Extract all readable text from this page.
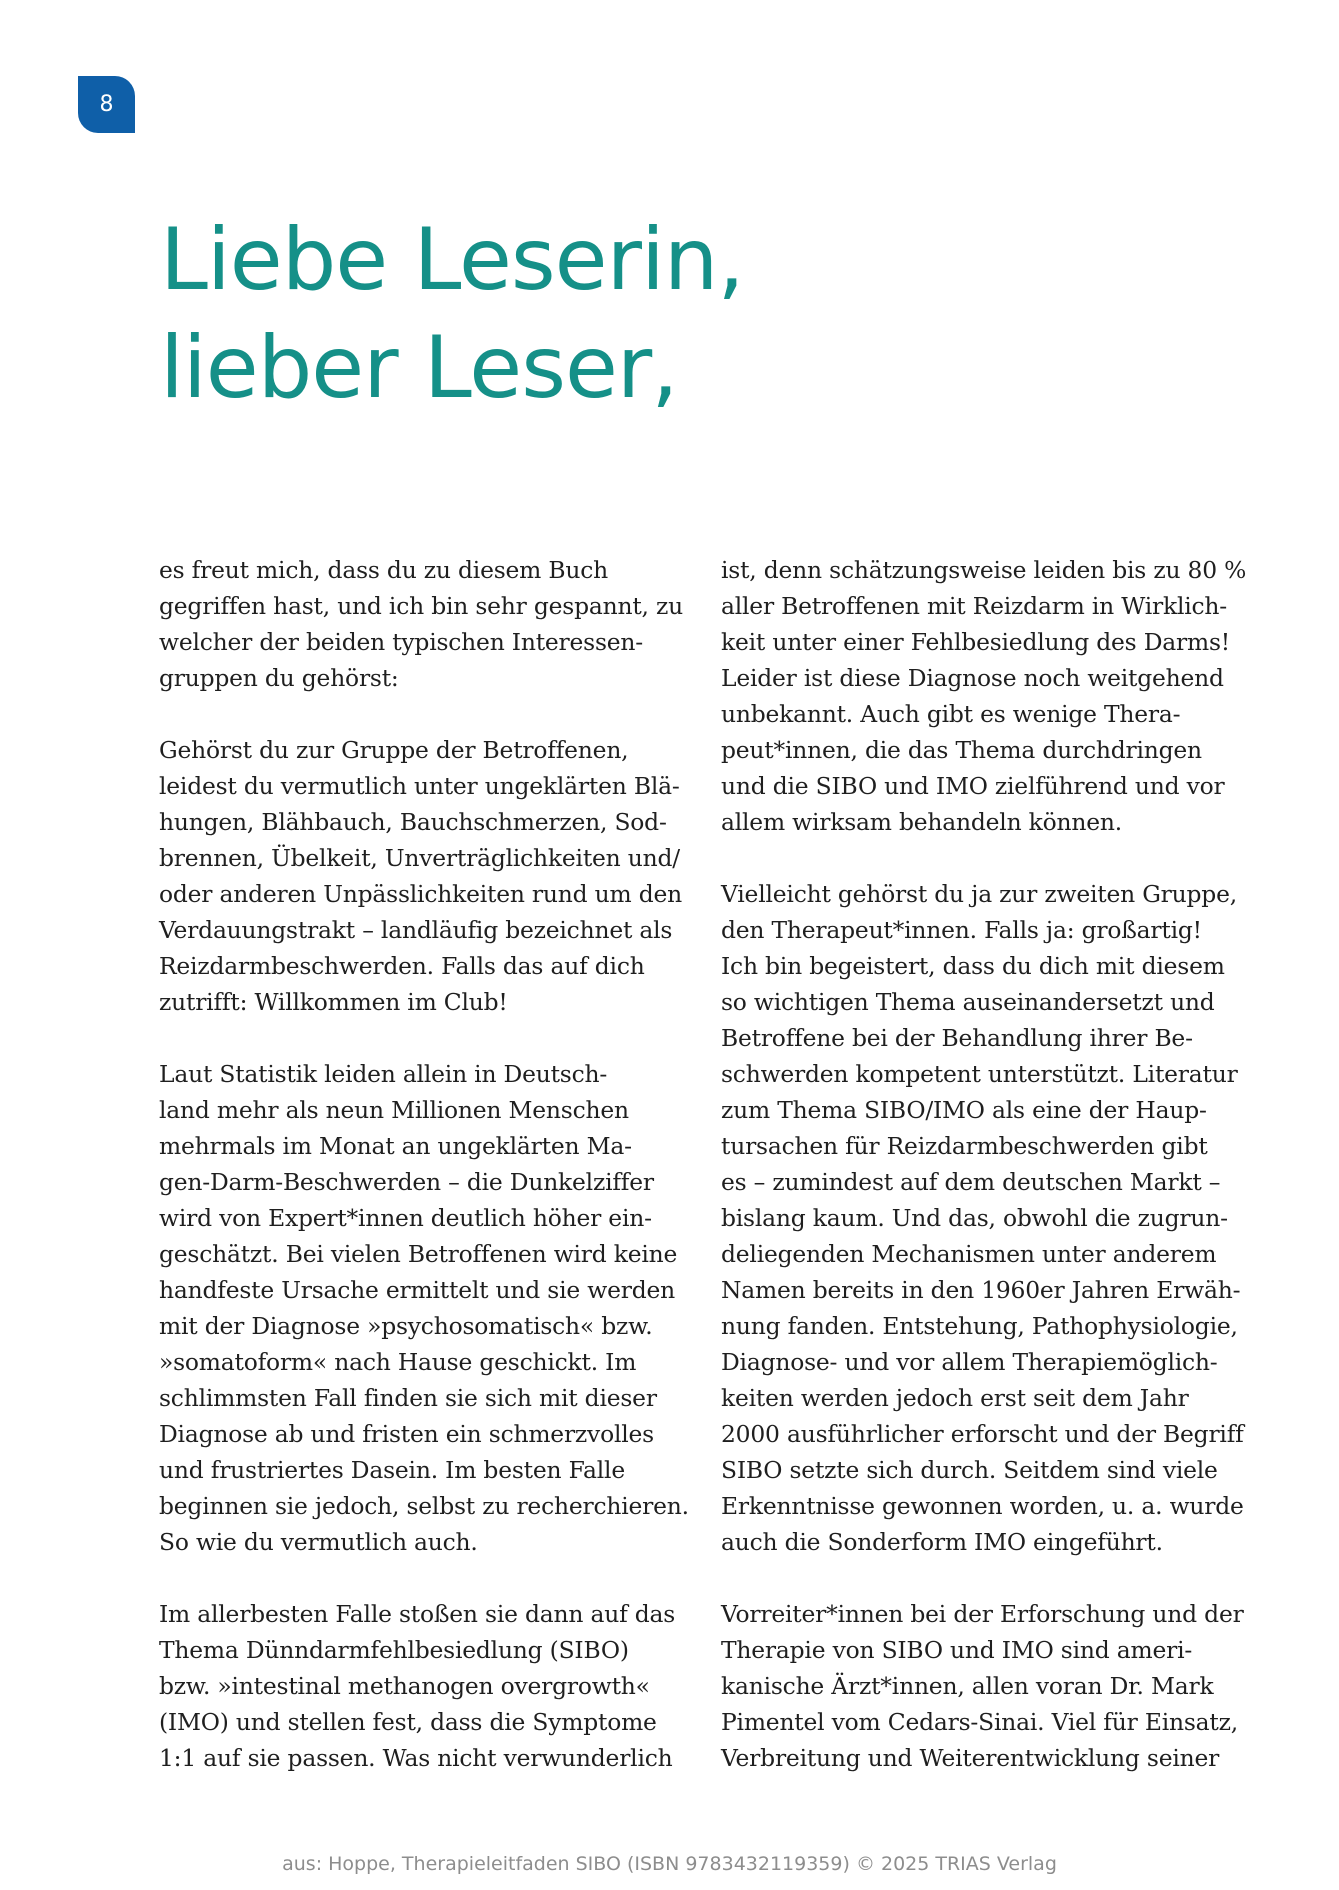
8
Liebe Leserin,
lieber Leser,
es freut mich, dass du zu diesem Buch
gegriffen hast, und ich bin sehr gespannt, zu
welcher der beiden typischen Interessen-
gruppen du gehörst:
Gehörst du zur Gruppe der Betroffenen,
leidest du vermutlich unter ungeklärten Blä-
hungen, Blähbauch, Bauchschmerzen, Sod-
brennen, Übelkeit, Unverträglichkeiten und/
oder anderen Unpässlichkeiten rund um den
Verdauungstrakt – landläufig bezeichnet als
Reizdarmbeschwerden. Falls das auf dich
zutrifft: Willkommen im Club!
Laut Statistik leiden allein in Deutsch-
land mehr als neun Millionen Menschen
mehrmals im Monat an ungeklärten Ma-
gen-Darm-Beschwerden – die Dunkelziffer
wird von Expert*innen deutlich höher ein-
geschätzt. Bei vielen Betroffenen wird keine
handfeste Ursache ermittelt und sie werden
mit der Diagnose »psychosomatisch« bzw.
»somatoform« nach Hause geschickt. Im
schlimmsten Fall finden sie sich mit dieser
Diagnose ab und fristen ein schmerzvolles
und frustriertes Dasein. Im besten Falle
beginnen sie jedoch, selbst zu recherchieren.
So wie du vermutlich auch.
Im allerbesten Falle stoßen sie dann auf das
Thema Dünndarmfehlbesiedlung (SIBO)
bzw. »intestinal methanogen overgrowth«
(IMO) und stellen fest, dass die Symptome
1:1 auf sie passen. Was nicht verwunderlich
ist, denn schätzungsweise leiden bis zu 80 %
aller Betroffenen mit Reizdarm in Wirklich-
keit unter einer Fehlbesiedlung des Darms!
Leider ist diese Diagnose noch weitgehend
unbekannt. Auch gibt es wenige Thera-
peut*innen, die das Thema durchdringen
und die SIBO und IMO zielführend und vor
allem wirksam behandeln können.
Vielleicht gehörst du ja zur zweiten Gruppe,
den Therapeut*innen. Falls ja: großartig!
Ich bin begeistert, dass du dich mit diesem
so wichtigen Thema auseinandersetzt und
Betroffene bei der Behandlung ihrer Be-
schwerden kompetent unterstützt. Literatur
zum Thema SIBO/IMO als eine der Haup-
tursachen für Reizdarmbeschwerden gibt
es – zumindest auf dem deutschen Markt –
bislang kaum. Und das, obwohl die zugrun-
deliegenden Mechanismen unter anderem
Namen bereits in den 1960er Jahren Erwäh-
nung fanden. Entstehung, Pathophysiologie,
Diagnose- und vor allem Therapiemöglich-
keiten werden jedoch erst seit dem Jahr
2000 ausführlicher erforscht und der Begriff
SIBO setzte sich durch. Seitdem sind viele
Erkenntnisse gewonnen worden, u. a. wurde
auch die Sonderform IMO eingeführt.
Vorreiter*innen bei der Erforschung und der
Therapie von SIBO und IMO sind ameri-
kanische Ärzt*innen, allen voran Dr. Mark
Pimentel vom Cedars-Sinai. Viel für Einsatz,
Verbreitung und Weiterentwicklung seiner
aus: Hoppe, Therapieleitfaden SIBO (ISBN 9783432119359) © 2025 TRIAS Verlag
